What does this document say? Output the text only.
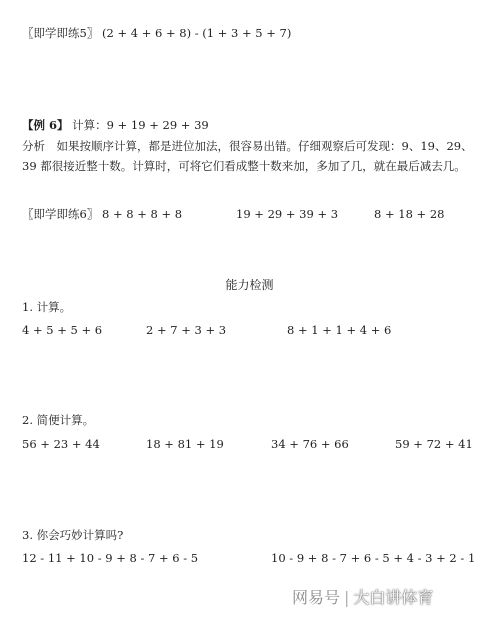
〖即学即练5〗 (2 + 4 + 6 + 8) - (1 + 3 + 5 + 7)
【例 6】 计算：9 + 19 + 29 + 39
分析　如果按顺序计算，都是进位加法，很容易出错。仔细观察后可发现：9、19、29、
39 都很接近整十数。计算时，可将它们看成整十数来加，多加了几，就在最后减去几。
〖即学即练6〗 8 + 8 + 8 + 8	19 + 29 + 39 + 3	8 + 18 + 28
能力检测
1. 计算。
4 + 5 + 5 + 6	2 + 7 + 3 + 3	8 + 1 + 1 + 4 + 6
2. 简便计算。
56 + 23 + 44	18 + 81 + 19	34 + 76 + 66	59 + 72 + 41
3. 你会巧妙计算吗?
12 - 11 + 10 - 9 + 8 - 7 + 6 - 5	10 - 9 + 8 - 7 + 6 - 5 + 4 - 3 + 2 - 1
网易号 | 大白讲体育
